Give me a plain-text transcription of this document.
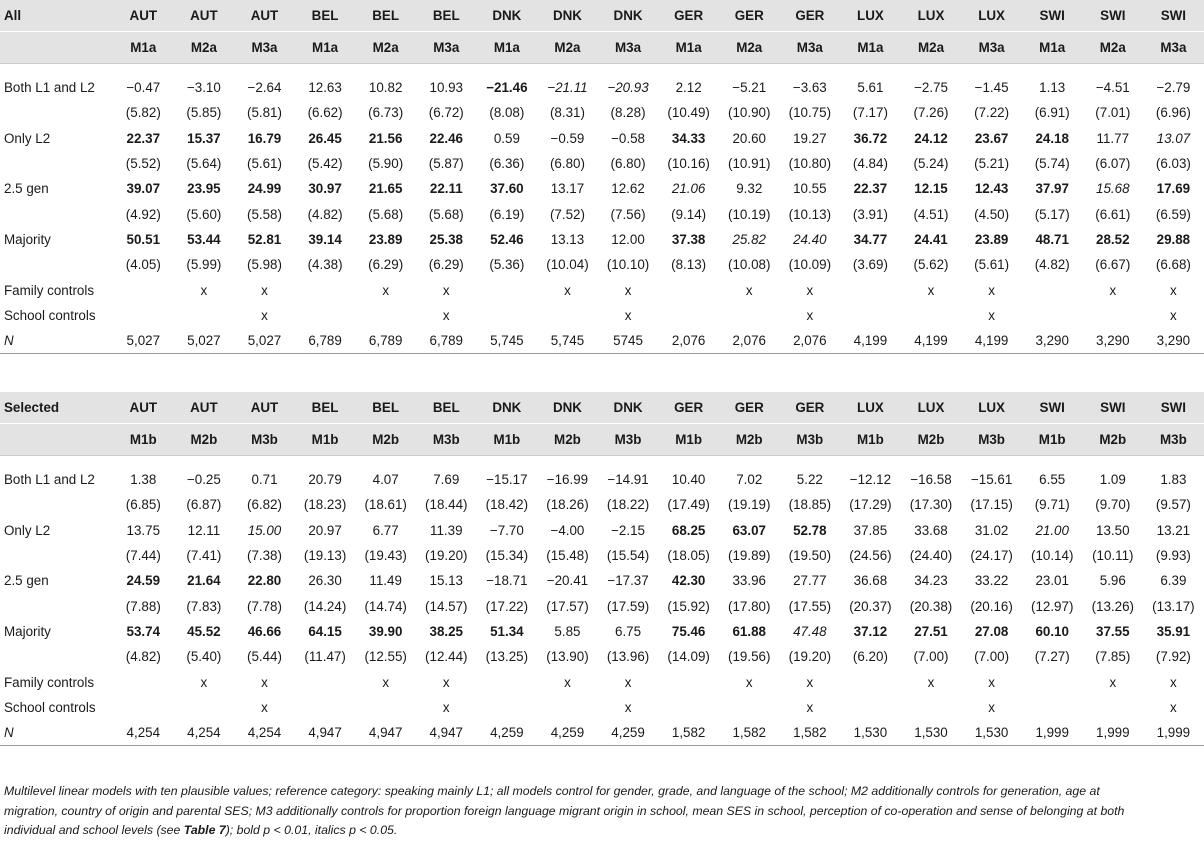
All	AUT	AUT	AUT	BEL	BEL	BEL	DNK	DNK	DNK	GER	GER	GER	LUX	LUX	LUX	SWI	SWI	SWI
	M1a	M2a	M3a	M1a	M2a	M3a	M1a	M2a	M3a	M1a	M2a	M3a	M1a	M2a	M3a	M1a	M2a	M3a

Both L1 and L2	−0.47	−3.10	−2.64	12.63	10.82	10.93	−21.46	−21.11	−20.93	2.12	−5.21	−3.63	5.61	−2.75	−1.45	1.13	−4.51	−2.79
	(5.82)	(5.85)	(5.81)	(6.62)	(6.73)	(6.72)	(8.08)	(8.31)	(8.28)	(10.49)	(10.90)	(10.75)	(7.17)	(7.26)	(7.22)	(6.91)	(7.01)	(6.96)
Only L2	22.37	15.37	16.79	26.45	21.56	22.46	0.59	−0.59	−0.58	34.33	20.60	19.27	36.72	24.12	23.67	24.18	11.77	13.07
	(5.52)	(5.64)	(5.61)	(5.42)	(5.90)	(5.87)	(6.36)	(6.80)	(6.80)	(10.16)	(10.91)	(10.80)	(4.84)	(5.24)	(5.21)	(5.74)	(6.07)	(6.03)
2.5 gen	39.07	23.95	24.99	30.97	21.65	22.11	37.60	13.17	12.62	21.06	9.32	10.55	22.37	12.15	12.43	37.97	15.68	17.69
	(4.92)	(5.60)	(5.58)	(4.82)	(5.68)	(5.68)	(6.19)	(7.52)	(7.56)	(9.14)	(10.19)	(10.13)	(3.91)	(4.51)	(4.50)	(5.17)	(6.61)	(6.59)
Majority	50.51	53.44	52.81	39.14	23.89	25.38	52.46	13.13	12.00	37.38	25.82	24.40	34.77	24.41	23.89	48.71	28.52	29.88
	(4.05)	(5.99)	(5.98)	(4.38)	(6.29)	(6.29)	(5.36)	(10.04)	(10.10)	(8.13)	(10.08)	(10.09)	(3.69)	(5.62)	(5.61)	(4.82)	(6.67)	(6.68)
Family controls		x	x		x	x		x	x		x	x		x	x		x	x
School controls			x			x			x			x			x			x
N	5,027	5,027	5,027	6,789	6,789	6,789	5,745	5,745	5745	2,076	2,076	2,076	4,199	4,199	4,199	3,290	3,290	3,290
Selected	AUT	AUT	AUT	BEL	BEL	BEL	DNK	DNK	DNK	GER	GER	GER	LUX	LUX	LUX	SWI	SWI	SWI
	M1b	M2b	M3b	M1b	M2b	M3b	M1b	M2b	M3b	M1b	M2b	M3b	M1b	M2b	M3b	M1b	M2b	M3b

Both L1 and L2	1.38	−0.25	0.71	20.79	4.07	7.69	−15.17	−16.99	−14.91	10.40	7.02	5.22	−12.12	−16.58	−15.61	6.55	1.09	1.83
	(6.85)	(6.87)	(6.82)	(18.23)	(18.61)	(18.44)	(18.42)	(18.26)	(18.22)	(17.49)	(19.19)	(18.85)	(17.29)	(17.30)	(17.15)	(9.71)	(9.70)	(9.57)
Only L2	13.75	12.11	15.00	20.97	6.77	11.39	−7.70	−4.00	−2.15	68.25	63.07	52.78	37.85	33.68	31.02	21.00	13.50	13.21
	(7.44)	(7.41)	(7.38)	(19.13)	(19.43)	(19.20)	(15.34)	(15.48)	(15.54)	(18.05)	(19.89)	(19.50)	(24.56)	(24.40)	(24.17)	(10.14)	(10.11)	(9.93)
2.5 gen	24.59	21.64	22.80	26.30	11.49	15.13	−18.71	−20.41	−17.37	42.30	33.96	27.77	36.68	34.23	33.22	23.01	5.96	6.39
	(7.88)	(7.83)	(7.78)	(14.24)	(14.74)	(14.57)	(17.22)	(17.57)	(17.59)	(15.92)	(17.80)	(17.55)	(20.37)	(20.38)	(20.16)	(12.97)	(13.26)	(13.17)
Majority	53.74	45.52	46.66	64.15	39.90	38.25	51.34	5.85	6.75	75.46	61.88	47.48	37.12	27.51	27.08	60.10	37.55	35.91
	(4.82)	(5.40)	(5.44)	(11.47)	(12.55)	(12.44)	(13.25)	(13.90)	(13.96)	(14.09)	(19.56)	(19.20)	(6.20)	(7.00)	(7.00)	(7.27)	(7.85)	(7.92)
Family controls		x	x		x	x		x	x		x	x		x	x		x	x
School controls			x			x			x			x			x			x
N	4,254	4,254	4,254	4,947	4,947	4,947	4,259	4,259	4,259	1,582	1,582	1,582	1,530	1,530	1,530	1,999	1,999	1,999

Multilevel linear models with ten plausible values; reference category: speaking mainly L1; all models control for gender, grade, and language of the school; M2 additionally controls for generation, age at migration, country of origin and parental SES; M3 additionally controls for proportion foreign language migrant origin in school, mean SES in school, perception of co-operation and sense of belonging at both individual and school levels (see Table 7); bold p < 0.01, italics p < 0.05.
